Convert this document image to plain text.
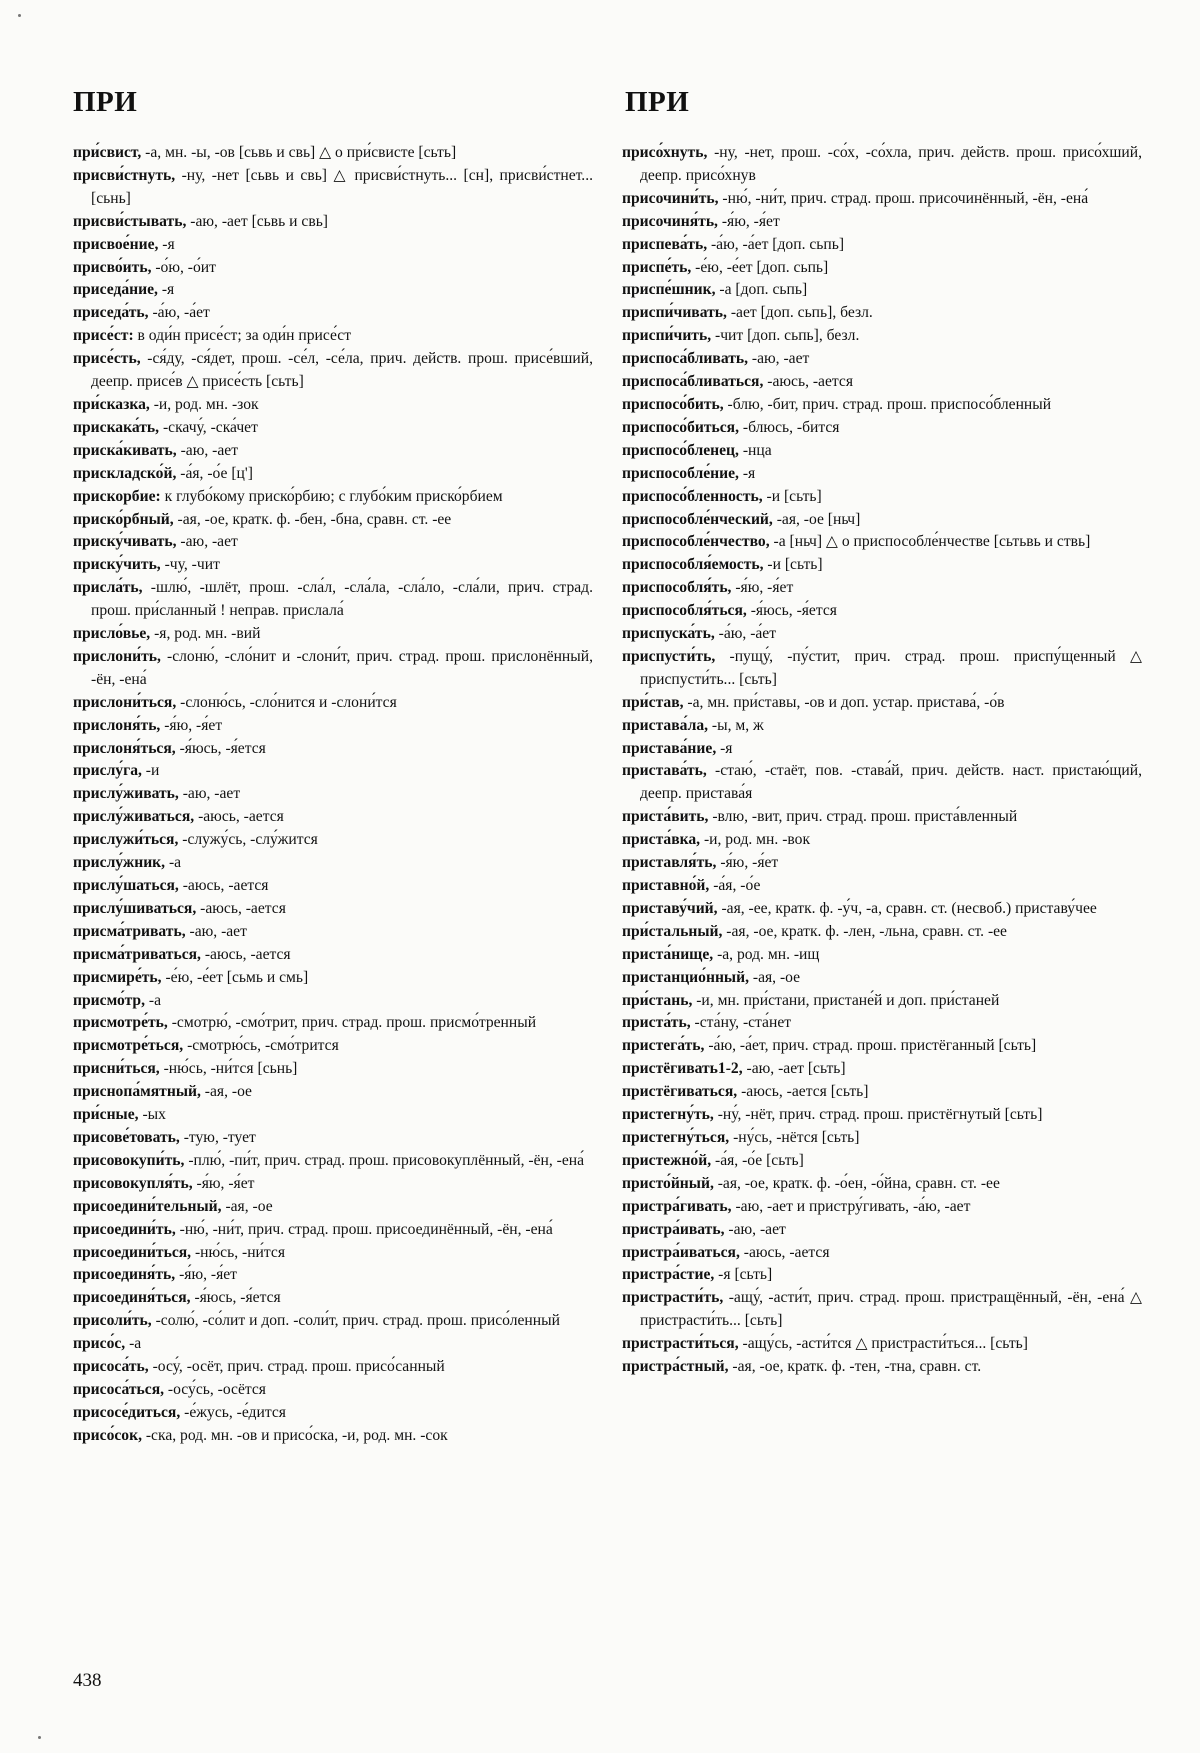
ПРИ	ПРИ

при́свист, -а, мн. -ы, -ов [сьвь и свь] △ о при́свисте [сьть]

присви́стнуть, -ну, -нет [сьвь и свь] △ присви́стнуть... [сн], присви́стнет... [сьнь]

присви́стывать, -аю, -ает [сьвь и свь]

присвое́ние, -я

присво́ить, -о́ю, -о́ит

приседа́ние, -я

приседа́ть, -а́ю, -а́ет

присе́ст: в оди́н присе́ст; за оди́н присе́ст

присе́сть, -ся́ду, -ся́дет, прош. -се́л, -се́ла, прич. действ. прош. присе́вший, деепр. присе́в △ присе́сть [сьть]

при́сказка, -и, род. мн. -зок

прискака́ть, -скачу́, -ска́чет

приска́кивать, -аю, -ает

прискладско́й, -а́я, -о́е [ц']

прискорбие: к глубо́кому приско́рбию; с глубо́ким приско́рбием

приско́рбный, -ая, -ое, кратк. ф. -бен, -бна, сравн. ст. -ее

приску́чивать, -аю, -ает

приску́чить, -чу, -чит

присла́ть, -шлю́, -шлёт, прош. -сла́л, -сла́ла, -сла́ло, -сла́ли, прич. страд. прош. при́сланный ! неправ. прислала́

присло́вье, -я, род. мн. -вий

прислони́ть, -слоню́, -сло́нит и -слони́т, прич. страд. прош. прислонённый, -ён, -ена́

прислони́ться, -слоню́сь, -сло́нится и -слони́тся

прислоня́ть, -я́ю, -я́ет

прислоня́ться, -я́юсь, -я́ется

прислу́га, -и

прислу́живать, -аю, -ает

прислу́живаться, -аюсь, -ается

прислужи́ться, -служу́сь, -слу́жится

прислу́жник, -а

прислу́шаться, -аюсь, -ается

прислу́шиваться, -аюсь, -ается

присма́тривать, -аю, -ает

присма́триваться, -аюсь, -ается

присмире́ть, -е́ю, -е́ет [сьмь и смь]

присмо́тр, -а

присмотре́ть, -смотрю́, -смо́трит, прич. страд. прош. присмо́тренный

присмотре́ться, -смотрю́сь, -смо́трится

присни́ться, -ню́сь, -ни́тся [сьнь]

приснопа́мятный, -ая, -ое

при́сные, -ых

присове́товать, -тую, -тует

присовокупи́ть, -плю́, -пи́т, прич. страд. прош. присовокуплённый, -ён, -ена́

присовокупля́ть, -я́ю, -я́ет

присоедини́тельный, -ая, -ое

присоедини́ть, -ню́, -ни́т, прич. страд. прош. присоединённый, -ён, -ена́

присоедини́ться, -ню́сь, -ни́тся

присоединя́ть, -я́ю, -я́ет

присоединя́ться, -я́юсь, -я́ется

присоли́ть, -солю́, -со́лит и доп. -соли́т, прич. страд. прош. присо́ленный

присо́с, -а

присоса́ть, -осу́, -осёт, прич. страд. прош. присо́санный

присоса́ться, -осу́сь, -осётся

присосе́диться, -е́жусь, -е́дится

присо́сок, -ска, род. мн. -ов и присо́ска, -и, род. мн. -сок

присо́хнуть, -ну, -нет, прош. -со́х, -со́хла, прич. действ. прош. присо́хший, деепр. присо́хнув

присочини́ть, -ню́, -ни́т, прич. страд. прош. присочинённый, -ён, -ена́

присочиня́ть, -я́ю, -я́ет

приспева́ть, -а́ю, -а́ет [доп. сьпь]

приспе́ть, -е́ю, -е́ет [доп. сьпь]

приспе́шник, -а [доп. сьпь]

приспи́чивать, -ает [доп. сьпь], безл.

приспи́чить, -чит [доп. сьпь], безл.

приспоса́бливать, -аю, -ает

приспоса́бливаться, -аюсь, -ается

приспосо́бить, -блю, -бит, прич. страд. прош. приспосо́бленный

приспосо́биться, -блюсь, -бится

приспосо́бленец, -нца

приспособле́ние, -я

приспосо́бленность, -и [сьть]

приспособле́нческий, -ая, -ое [ньч]

приспособле́нчество, -а [ньч] △ о приспособле́нчестве [сьтьвь и ствь]

приспособля́емость, -и [сьть]

приспособля́ть, -я́ю, -я́ет

приспособля́ться, -я́юсь, -я́ется

приспуска́ть, -а́ю, -а́ет

приспусти́ть, -пущу́, -пу́стит, прич. страд. прош. приспу́щенный △ приспусти́ть... [сьть]

при́став, -а, мн. при́ставы, -ов и доп. устар. пристава́, -о́в

пристава́ла, -ы, м, ж

пристава́ние, -я

пристава́ть, -стаю́, -стаёт, пов. -става́й, прич. действ. наст. пристаю́щий, деепр. пристава́я

приста́вить, -влю, -вит, прич. страд. прош. приста́вленный

приста́вка, -и, род. мн. -вок

приставля́ть, -я́ю, -я́ет

приставно́й, -а́я, -о́е

приставу́чий, -ая, -ее, кратк. ф. -у́ч, -а, сравн. ст. (несвоб.) приставу́чее

при́стальный, -ая, -ое, кратк. ф. -лен, -льна, сравн. ст. -ее

приста́нище, -а, род. мн. -ищ

пристанцио́нный, -ая, -ое

при́стань, -и, мн. при́стани, пристане́й и доп. при́станей

приста́ть, -ста́ну, -ста́нет

пристега́ть, -а́ю, -а́ет, прич. страд. прош. пристёганный [сьть]

пристёгивать1-2, -аю, -ает [сьть]

пристёгиваться, -аюсь, -ается [сьть]

пристегну́ть, -ну́, -нёт, прич. страд. прош. пристёгнутый [сьть]

пристегну́ться, -ну́сь, -нётся [сьть]

пристежно́й, -а́я, -о́е [сьть]

присто́йный, -ая, -ое, кратк. ф. -о́ен, -о́йна, сравн. ст. -ее

пристра́гивать, -аю, -ает и пристру́гивать, -а́ю, -ает

пристра́ивать, -аю, -ает

пристра́иваться, -аюсь, -ается

пристра́стие, -я [сьть]

пристрасти́ть, -ащу́, -асти́т, прич. страд. прош. пристращённый, -ён, -ена́ △ пристрасти́ть... [сьть]

пристрасти́ться, -ащу́сь, -асти́тся △ пристрасти́ться... [сьть]

пристра́стный, -ая, -ое, кратк. ф. -тен, -тна, сравн. ст.

438
